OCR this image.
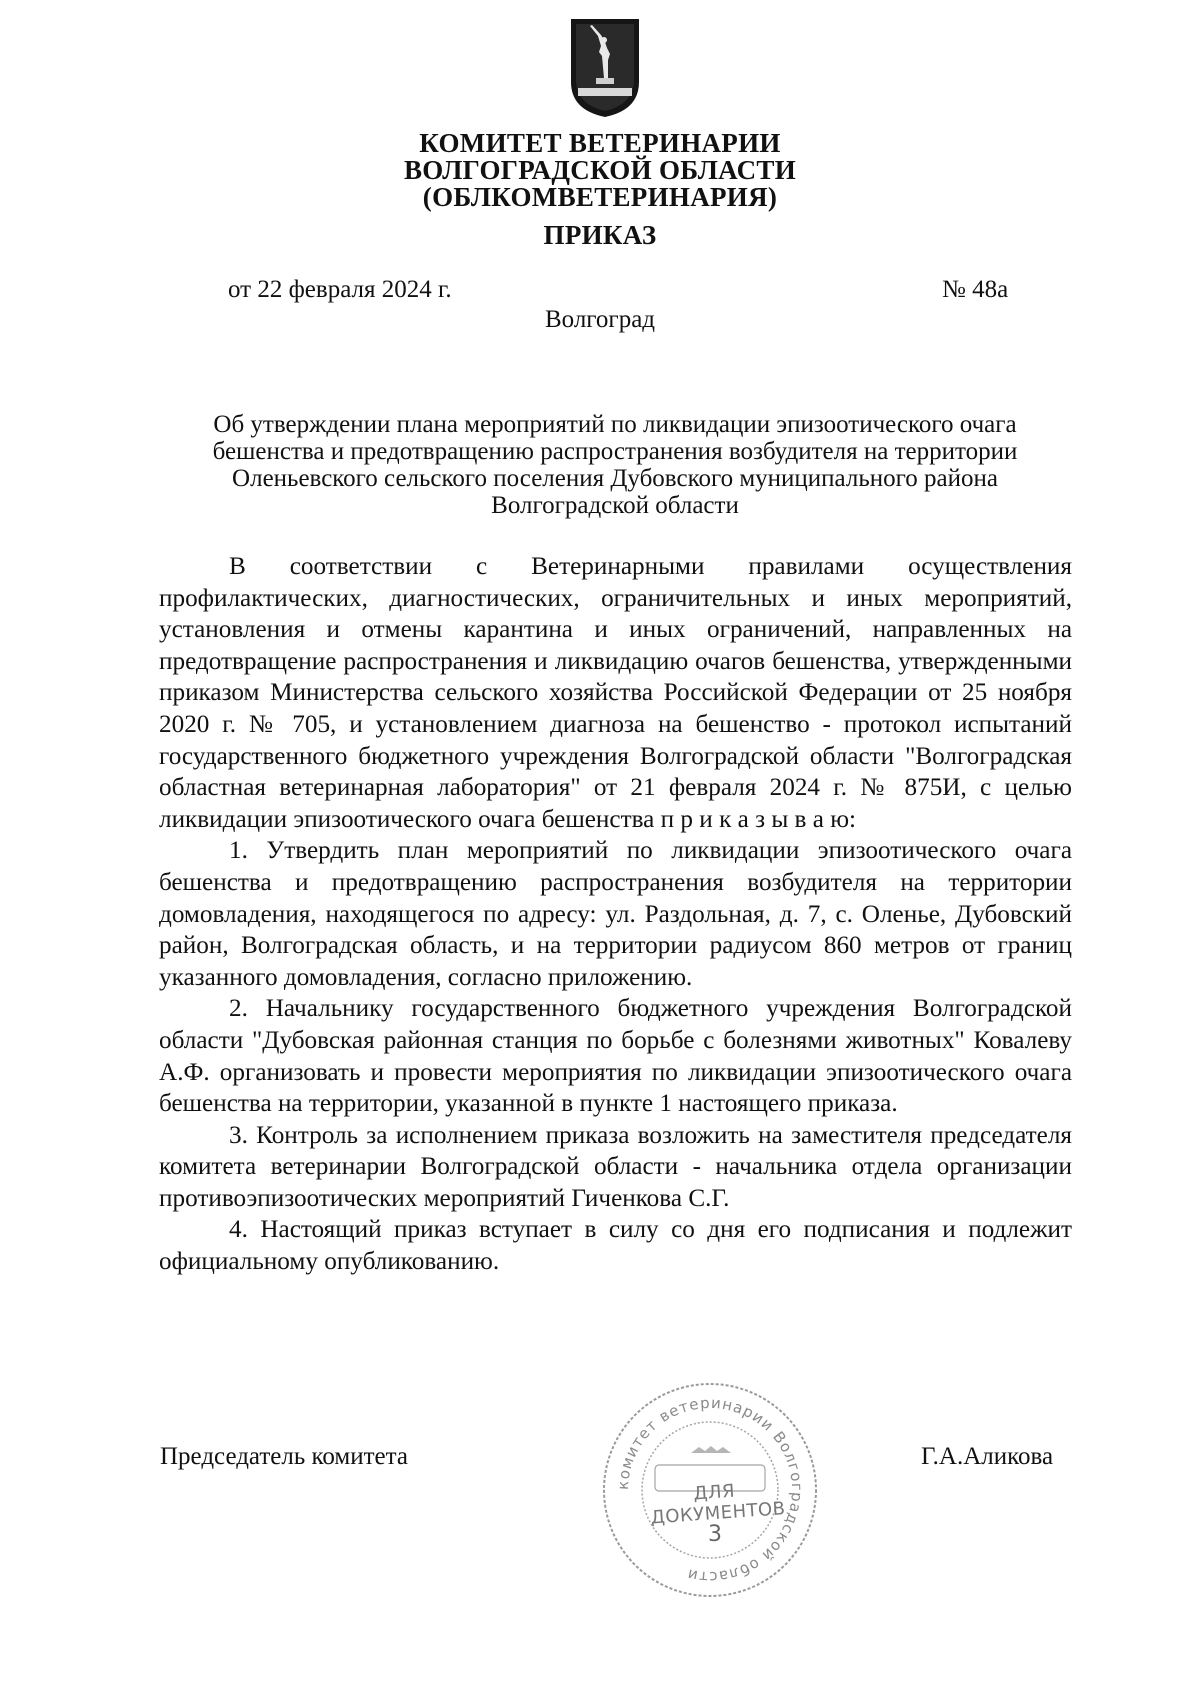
КОМИТЕТ ВЕТЕРИНАРИИ
ВОЛГОГРАДСКОЙ ОБЛАСТИ
(ОБЛКОМВЕТЕРИНАРИЯ)
ПРИКАЗ
от 22 февраля 2024 г.	№ 48а
Волгоград
Об утверждении плана мероприятий по ликвидации эпизоотического очага бешенства и предотвращению распространения возбудителя на территории Оленьевского сельского поселения Дубовского муниципального района Волгоградской области

В соответствии с Ветеринарными правилами осуществления профилактических, диагностических, ограничительных и иных мероприятий, установления и отмены карантина и иных ограничений, направленных на предотвращение распространения и ликвидацию очагов бешенства, утвержденными приказом Министерства сельского хозяйства Российской Федерации от 25 ноября 2020 г. № 705, и установлением диагноза на бешенство - протокол испытаний государственного бюджетного учреждения Волгоградской области "Волгоградская областная ветеринарная лаборатория" от 21 февраля 2024 г. № 875И, с целью ликвидации эпизоотического очага бешенства п р и к а з ы в а ю:

1. Утвердить план мероприятий по ликвидации эпизоотического очага бешенства и предотвращению распространения возбудителя на территории домовладения, находящегося по адресу: ул. Раздольная, д. 7, с. Оленье, Дубовский район, Волгоградская область, и на территории радиусом 860 метров от границ указанного домовладения, согласно приложению.

2. Начальнику государственного бюджетного учреждения Волгоградской области "Дубовская районная станция по борьбе с болезнями животных" Ковалеву А.Ф. организовать и провести мероприятия по ликвидации эпизоотического очага бешенства на территории, указанной в пункте 1 настоящего приказа.

3. Контроль за исполнением приказа возложить на заместителя председателя комитета ветеринарии Волгоградской области - начальника отдела организации противоэпизоотических мероприятий Гиченкова С.Г.

4. Настоящий приказ вступает в силу со дня его подписания и подлежит официальному опубликованию.

Председатель комитета	Г.А.Аликова
комитет ветеринарии Волгоградской области
ДЛЯ ДОКУМЕНТОВ
3
